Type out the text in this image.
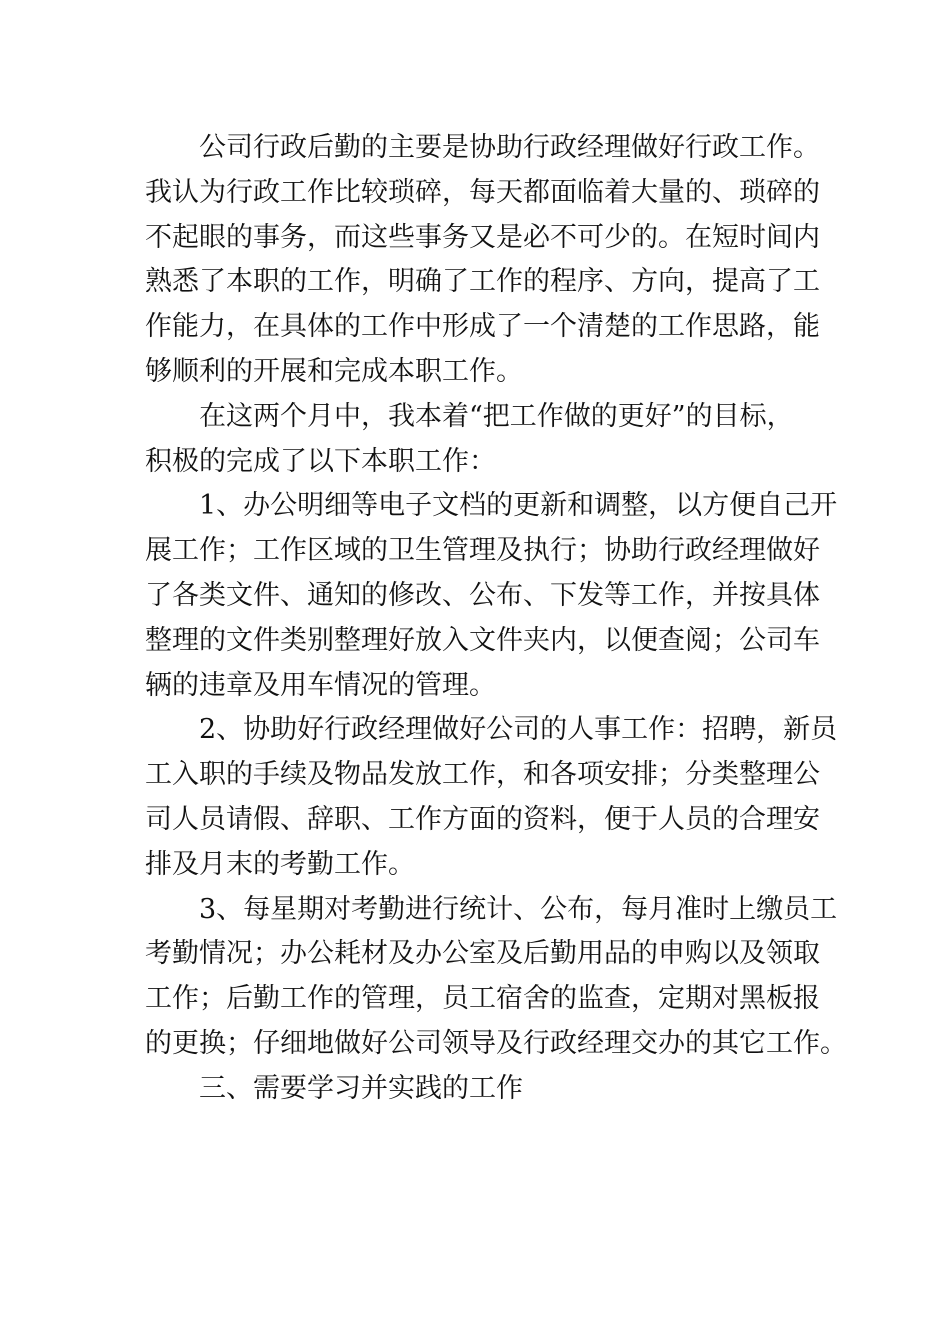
　　公司行政后勤的主要是协助行政经理做好行政工作。
我认为行政工作比较琐碎，每天都面临着大量的、琐碎的
不起眼的事务，而这些事务又是必不可少的。在短时间内
熟悉了本职的工作，明确了工作的程序、方向，提高了工
作能力，在具体的工作中形成了一个清楚的工作思路，能
够顺利的开展和完成本职工作。
　　在这两个月中，我本着“把工作做的更好”的目标，
积极的完成了以下本职工作：
　　1、办公明细等电子文档的更新和调整，以方便自己开
展工作；工作区域的卫生管理及执行；协助行政经理做好
了各类文件、通知的修改、公布、下发等工作，并按具体
整理的文件类别整理好放入文件夹内，以便查阅；公司车
辆的违章及用车情况的管理。
　　2、协助好行政经理做好公司的人事工作：招聘，新员
工入职的手续及物品发放工作，和各项安排；分类整理公
司人员请假、辞职、工作方面的资料，便于人员的合理安
排及月末的考勤工作。
　　3、每星期对考勤进行统计、公布，每月准时上缴员工
考勤情况；办公耗材及办公室及后勤用品的申购以及领取
工作；后勤工作的管理，员工宿舍的监查，定期对黑板报
的更换；仔细地做好公司领导及行政经理交办的其它工作。
　　三、需要学习并实践的工作
